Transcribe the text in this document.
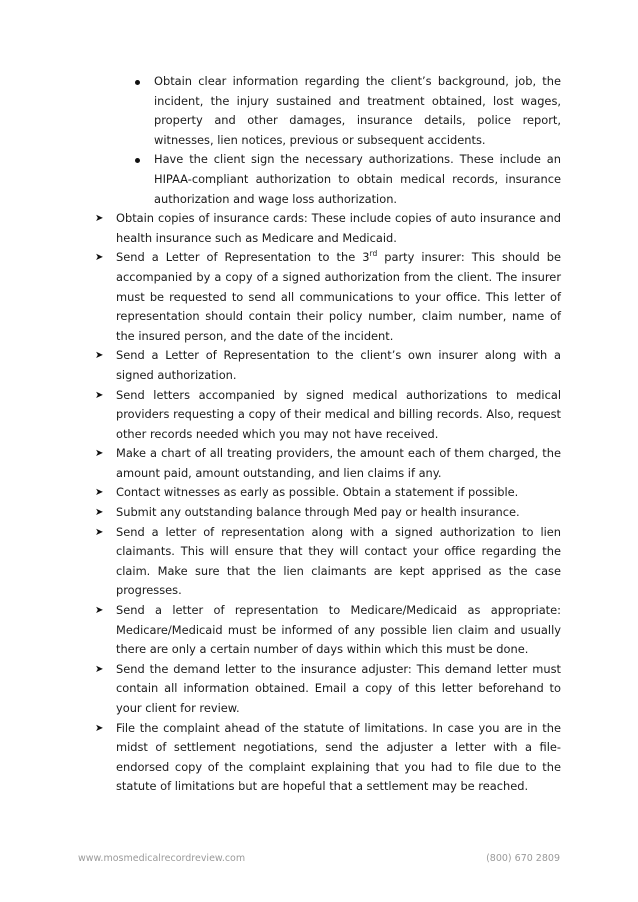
Obtain clear information regarding the client’s background, job, the incident, the injury sustained and treatment obtained, lost wages, property and other damages, insurance details, police report, witnesses, lien notices, previous or subsequent accidents.

Have the client sign the necessary authorizations. These include an HIPAA-compliant authorization to obtain medical records, insurance authorization and wage loss authorization.

➤	Obtain copies of insurance cards: These include copies of auto insurance and health insurance such as Medicare and Medicaid.

➤	Send a Letter of Representation to the 3rd party insurer: This should be accompanied by a copy of a signed authorization from the client. The insurer must be requested to send all communications to your office. This letter of representation should contain their policy number, claim number, name of the insured person, and the date of the incident.

➤	Send a Letter of Representation to the client’s own insurer along with a signed authorization.

➤	Send letters accompanied by signed medical authorizations to medical providers requesting a copy of their medical and billing records. Also, request other records needed which you may not have received.

➤	Make a chart of all treating providers, the amount each of them charged, the amount paid, amount outstanding, and lien claims if any.

➤	Contact witnesses as early as possible. Obtain a statement if possible.

➤	Submit any outstanding balance through Med pay or health insurance.

➤	Send a letter of representation along with a signed authorization to lien claimants. This will ensure that they will contact your office regarding the claim. Make sure that the lien claimants are kept apprised as the case progresses.

➤	Send a letter of representation to Medicare/Medicaid as appropriate: Medicare/Medicaid must be informed of any possible lien claim and usually there are only a certain number of days within which this must be done.

➤	Send the demand letter to the insurance adjuster: This demand letter must contain all information obtained. Email a copy of this letter beforehand to your client for review.

➤	File the complaint ahead of the statute of limitations. In case you are in the midst of settlement negotiations, send the adjuster a letter with a file-endorsed copy of the complaint explaining that you had to file due to the statute of limitations but are hopeful that a settlement may be reached.

www.mosmedicalrecordreview.com	(800) 670 2809
